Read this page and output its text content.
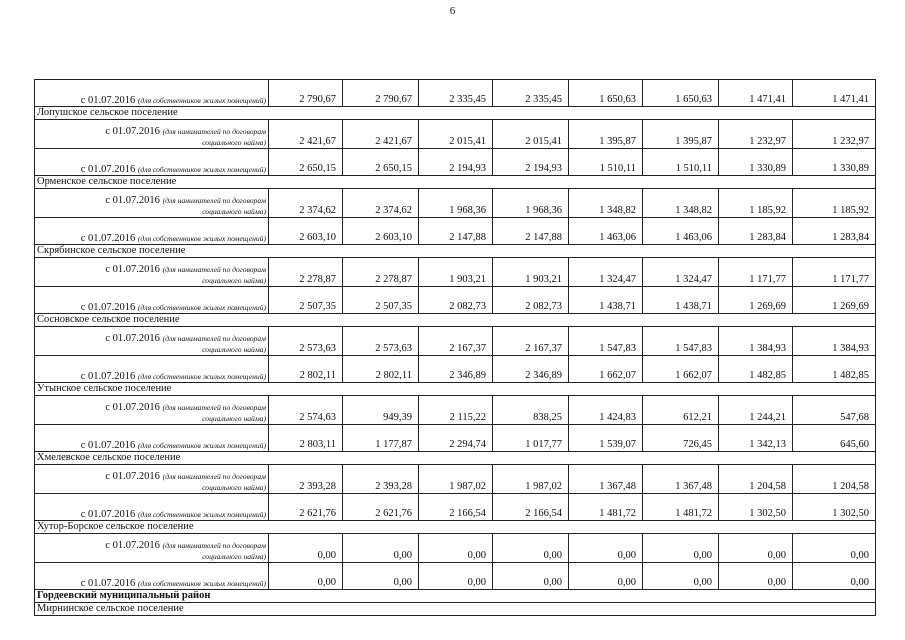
6
с 01.07.2016 (для собственников жилых помещений)	2 790,67	2 790,67	2 335,45	2 335,45	1 650,63	1 650,63	1 471,41	1 471,41
Лопушское сельское поселение								

с 01.07.2016 (для нанимателей по договорам
социального найма)	2 421,67	2 421,67	2 015,41	2 015,41	1 395,87	1 395,87	1 232,97	1 232,97

с 01.07.2016 (для собственников жилых помещений)	2 650,15	2 650,15	2 194,93	2 194,93	1 510,11	1 510,11	1 330,89	1 330,89
Орменское сельское поселение								

с 01.07.2016 (для нанимателей по договорам
социального найма)	2 374,62	2 374,62	1 968,36	1 968,36	1 348,82	1 348,82	1 185,92	1 185,92

с 01.07.2016 (для собственников жилых помещений)	2 603,10	2 603,10	2 147,88	2 147,88	1 463,06	1 463,06	1 283,84	1 283,84
Скрябинское сельское поселение								

с 01.07.2016 (для нанимателей по договорам
социального найма)	2 278,87	2 278,87	1 903,21	1 903,21	1 324,47	1 324,47	1 171,77	1 171,77

с 01.07.2016 (для собственников жилых помещений)	2 507,35	2 507,35	2 082,73	2 082,73	1 438,71	1 438,71	1 269,69	1 269,69
Сосновское сельское поселение								

с 01.07.2016 (для нанимателей по договорам
социального найма)	2 573,63	2 573,63	2 167,37	2 167,37	1 547,83	1 547,83	1 384,93	1 384,93

с 01.07.2016 (для собственников жилых помещений)	2 802,11	2 802,11	2 346,89	2 346,89	1 662,07	1 662,07	1 482,85	1 482,85
Утынское сельское поселение								

с 01.07.2016 (для нанимателей по договорам
социального найма)	2 574,63	949,39	2 115,22	838,25	1 424,83	612,21	1 244,21	547,68

с 01.07.2016 (для собственников жилых помещений)	2 803,11	1 177,87	2 294,74	1 017,77	1 539,07	726,45	1 342,13	645,60
Хмелевское сельское поселение								

с 01.07.2016 (для нанимателей по договорам
социального найма)	2 393,28	2 393,28	1 987,02	1 987,02	1 367,48	1 367,48	1 204,58	1 204,58

с 01.07.2016 (для собственников жилых помещений)	2 621,76	2 621,76	2 166,54	2 166,54	1 481,72	1 481,72	1 302,50	1 302,50
Хутор-Борское сельское поселение								

с 01.07.2016 (для нанимателей по договорам
социального найма)	0,00	0,00	0,00	0,00	0,00	0,00	0,00	0,00

с 01.07.2016 (для собственников жилых помещений)	0,00	0,00	0,00	0,00	0,00	0,00	0,00	0,00
Гордеевский муниципальный район								
Мирнинское сельское поселение								
